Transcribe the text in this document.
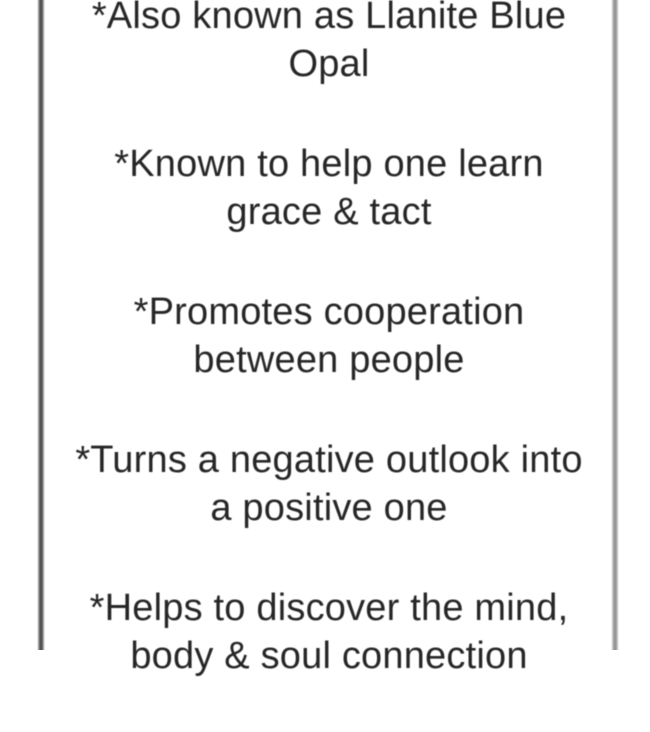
*Also known as Llanite Blue
Opal
*Known to help one learn
grace & tact
*Promotes cooperation
between people
*Turns a negative outlook into
a positive one
*Helps to discover the mind,
body & soul connection
